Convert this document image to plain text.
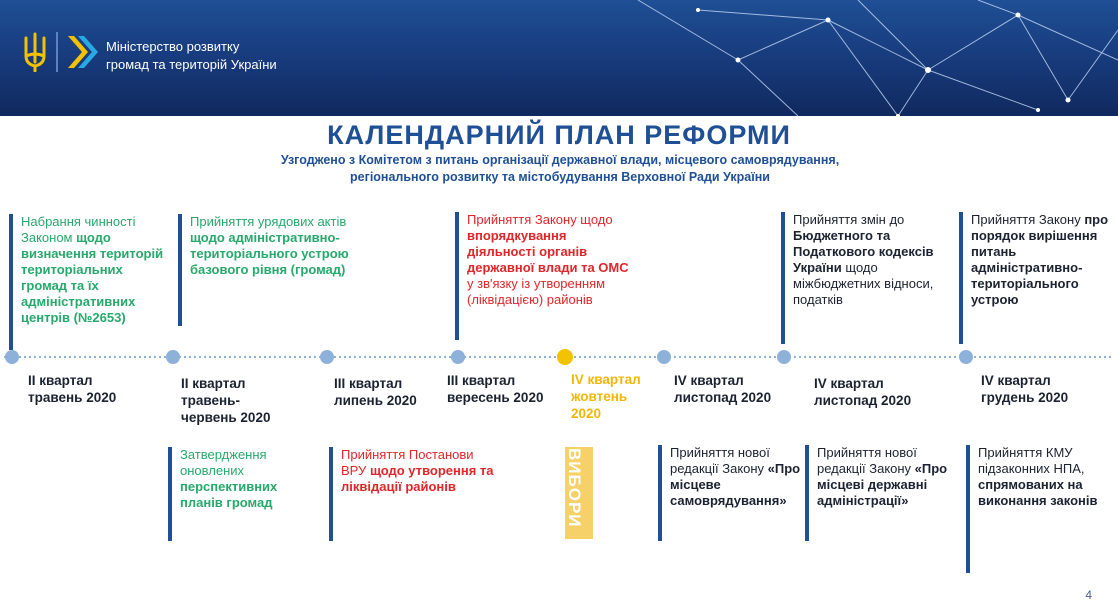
Міністерство розвитку
громад та територій України
КАЛЕНДАРНИЙ ПЛАН РЕФОРМИ
Узгоджено з Комітетом з питань організації державної влади, місцевого самоврядування,
регіонального розвитку та містобудування Верховної Ради України
Набрання чинності Законом щодо визначення територій територіальних громад та їх адміністративних центрів (№2653)
Прийняття урядових актів щодо адміністративно-територіального устрою базового рівня (громад)
Прийняття Закону щодо впорядкування діяльності органів державної влади та ОМС у зв'язку із утворенням (ліквідацією) районів
Прийняття змін до Бюджетного та Податкового кодексів України щодо міжбюджетних відноси, податків
Прийняття Закону про порядок вирішення питань адміністративно-територіального устрою
ІІ квартал
травень 2020
ІІ квартал
травень-
червень 2020
ІІІ квартал
липень 2020
ІІІ квартал
вересень 2020
ІV квартал
жовтень
2020
ІV квартал
листопад 2020
ІV квартал
листопад 2020
ІV квартал
грудень 2020
Затвердження оновлених перспективних планів громад
Прийняття Постанови ВРУ щодо утворення та ліквідації районів	ВИБОРИ	Прийняття нової редакції Закону «Про місцеве самоврядування»
Прийняття нової редакції Закону «Про місцеві державні адміністрації»
Прийняття КМУ підзаконних НПА, спрямованих на виконання законів
4
